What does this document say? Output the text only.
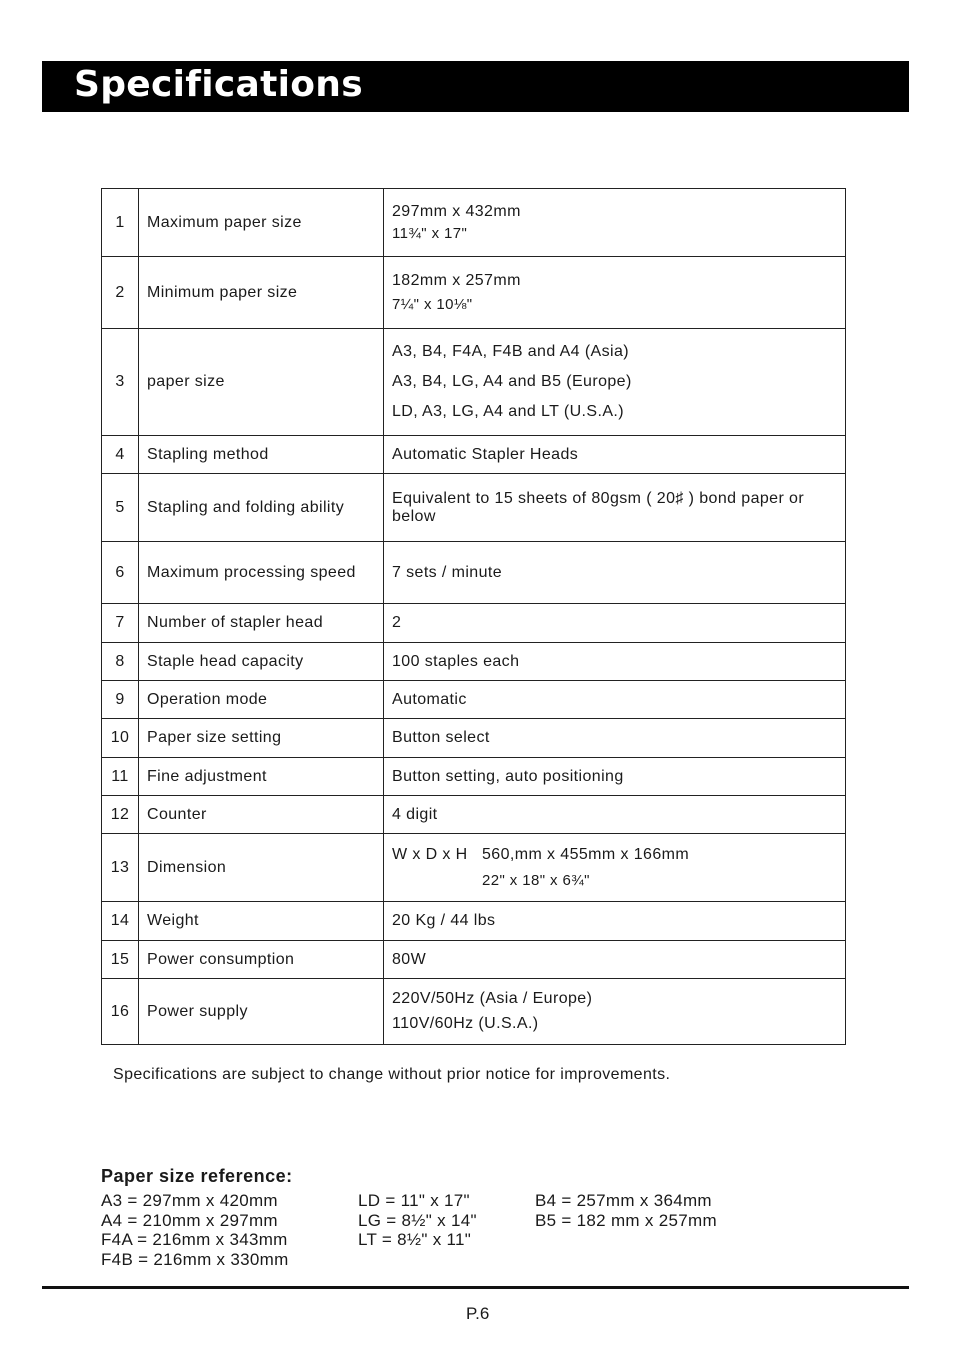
Specifications
1	Maximum paper size	297mm x 432mm
11¾" x 17"

2	Minimum paper size	182mm x 257mm
7¼" x 10⅛"

3	paper size	A3, B4, F4A, F4B and A4 (Asia)
A3, B4, LG, A4 and B5 (Europe)
LD, A3, LG, A4 and LT (U.S.A.)

4	Stapling method	Automatic Stapler Heads

5	Stapling and folding ability	Equivalent to 15 sheets of 80gsm ( 20♯ ) bond paper or below

6	Maximum processing speed	7 sets / minute

7	Number of stapler head	2

8	Staple head capacity	100 staples each

9	Operation mode	Automatic

10	Paper size setting	Button select

11	Fine adjustment	Button setting, auto positioning

12	Counter	4 digit

13	Dimension	W x D x H 560,mm x 455mm x 166mm
22" x 18" x 6¾"

14	Weight	20 Kg / 44 lbs

15	Power consumption	80W

16	Power supply	220V/50Hz (Asia / Europe)
110V/60Hz (U.S.A.)
Specifications are subject to change without prior notice for improvements.
Paper size reference:
A3 = 297mm x 420mm
A4 = 210mm x 297mm
F4A = 216mm x 343mm
F4B = 216mm x 330mm
LD = 11" x 17"
LG = 8½" x 14"
LT = 8½" x 11"
B4 = 257mm x 364mm
B5 = 182 mm x 257mm
P.6
